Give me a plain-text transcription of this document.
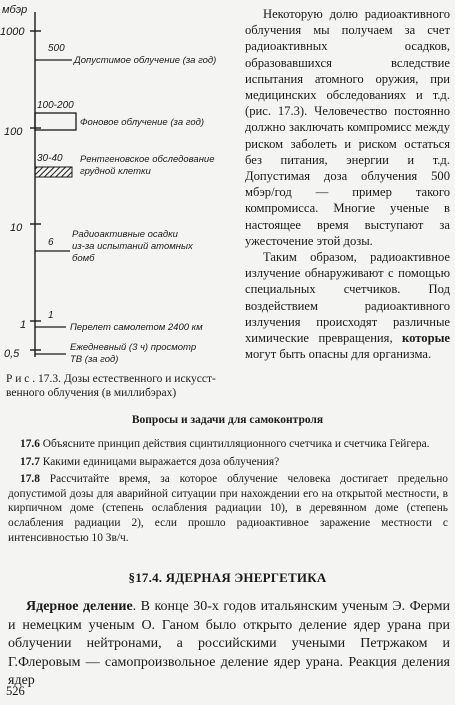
мбэр
1000
100
10
1
0,5
500
Допустимое облучение (за год)
100-200
Фоновое облучение (за год)
30-40 Рентгеновское обследование
грудной клетки
6
Радиоактивные осадки
из-за испытаний атомных
бомб
1
Перелет самолетом 2400 км
Ежедневный (3 ч) просмотр
ТВ (за год)
Р и с . 17.3. Дозы естественного и искусст-венного облучения (в миллибэрах)

Некоторую долю радиоактивного облучения мы получаем за счет радиоактивных осадков, образовавшихся вследствие испытания атомного оружия, при медицинских обследованиях и т.д. (рис. 17.3). Человечество постоянно должно заключать компромисс между риском заболеть и риском остаться без питания, энергии и т.д. Допустимая доза облучения 500 мбэр/год — пример такого компромисса. Многие ученые в настоящее время выступают за ужесточение этой дозы.

Таким образом, радиоактивное излучение обнаруживают с помощью специальных счетчиков. Под воздействием радиоактивного излучения происходят различные химические превращения, которые могут быть опасны для организма.

Вопросы и задачи для самоконтроля

17.6 Объясните принцип действия сцинтилляционного счетчика и счетчика Гейгера.

17.7 Какими единицами выражается доза облучения?

17.8 Рассчитайте время, за которое облучение человека достигает предельно допустимой дозы для аварийной ситуации при нахождении его на открытой местности, в кирпичном доме (степень ослабления радиации 10), в деревянном доме (степень ослабления радиации 2), если прошло радиоактивное заражение местности с интенсивностью 10 Зв/ч.

§17.4. ЯДЕРНАЯ ЭНЕРГЕТИКА

Ядерное деление. В конце 30-х годов итальянским ученым Э. Ферми и немецким ученым О. Ганом было открыто деление ядер урана при облучении нейтронами, а российскими учеными Петржаком и Г.Флеровым — самопроизвольное деление ядер урана. Реакция деления ядер

526
